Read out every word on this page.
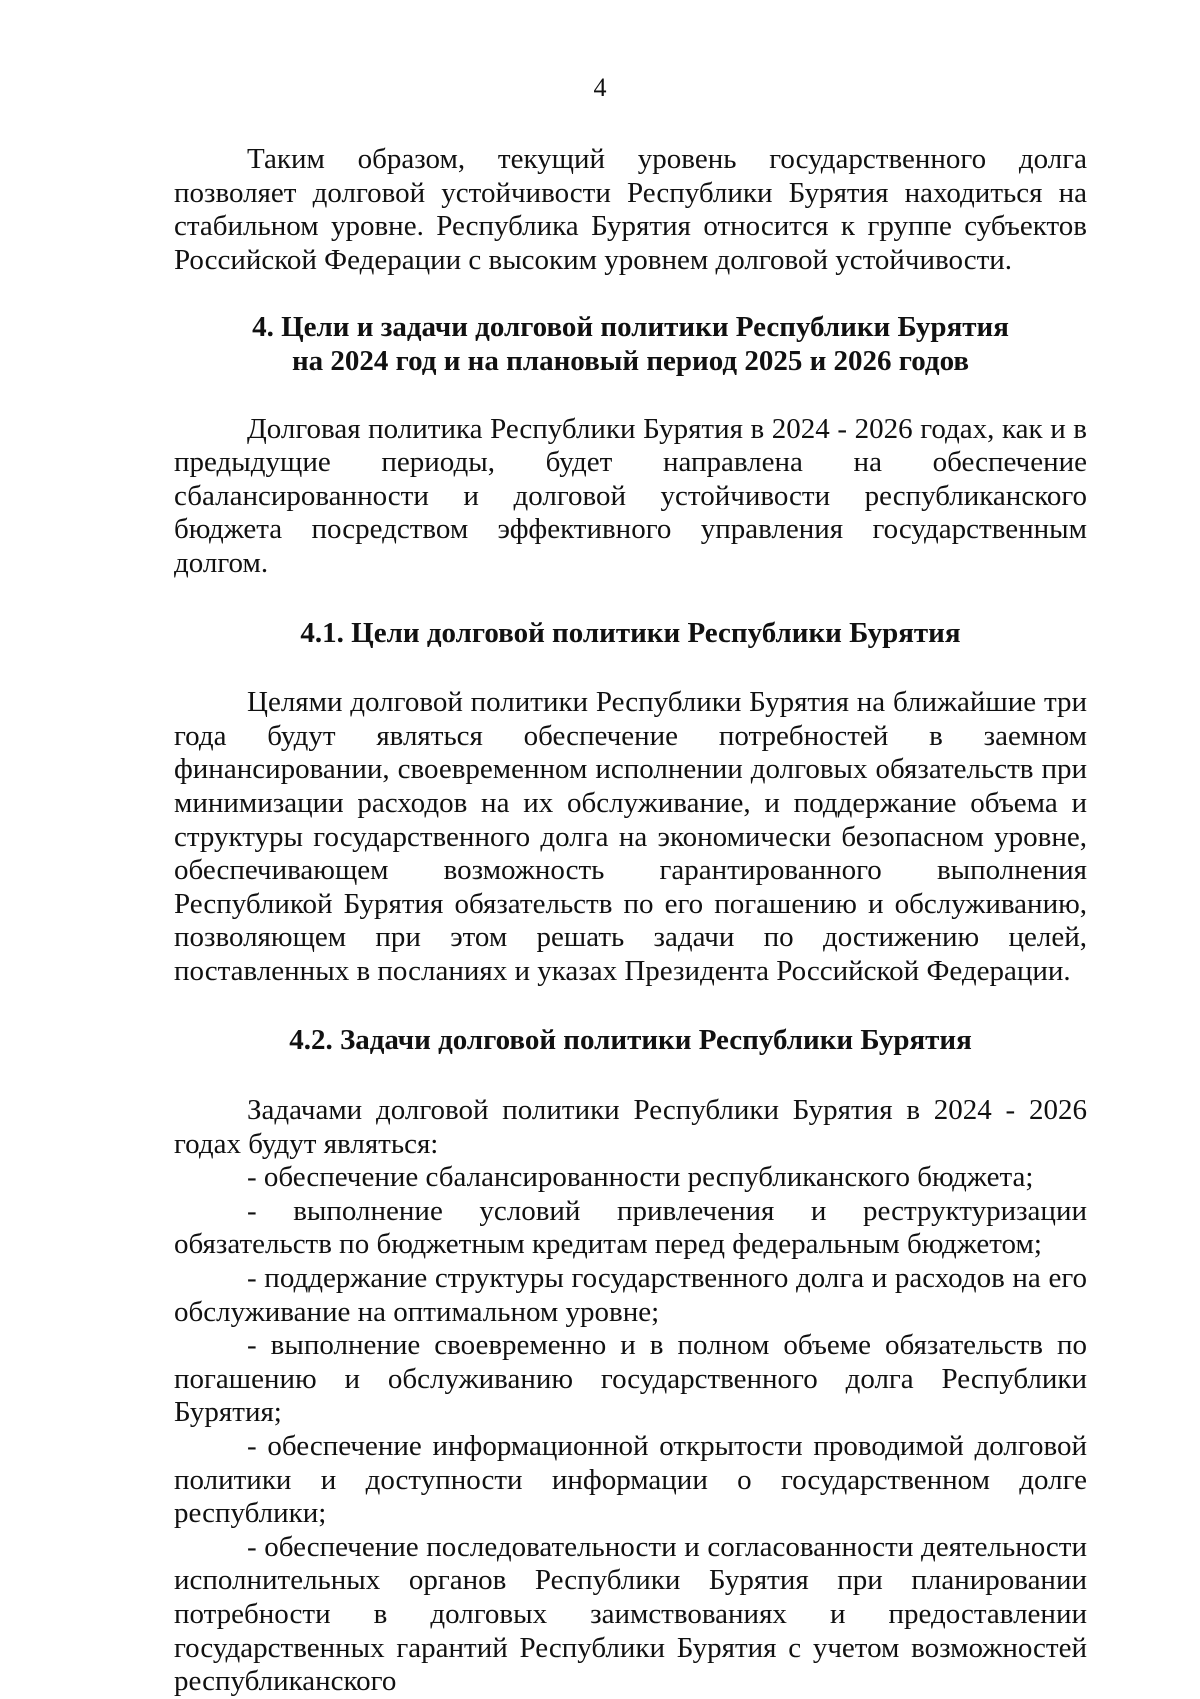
4

Таким образом, текущий уровень государственного долга позволяет долговой устойчивости Республики Бурятия находиться на стабильном уровне. Республика Бурятия относится к группе субъектов Российской Федерации с высоким уровнем долговой устойчивости.

4. Цели и задачи долговой политики Республики Бурятия
на 2024 год и на плановый период 2025 и 2026 годов

Долговая политика Республики Бурятия в 2024 - 2026 годах, как и в предыдущие периоды, будет направлена на обеспечение сбалансированности и долговой устойчивости республиканского бюджета посредством эффективного управления государственным долгом.

4.1. Цели долговой политики Республики Бурятия

Целями долговой политики Республики Бурятия на ближайшие три года будут являться обеспечение потребностей в заемном финансировании, своевременном исполнении долговых обязательств при минимизации расходов на их обслуживание, и поддержание объема и структуры государственного долга на экономически безопасном уровне, обеспечивающем возможность гарантированного выполнения Республикой Бурятия обязательств по его погашению и обслуживанию, позволяющем при этом решать задачи по достижению целей, поставленных в посланиях и указах Президента Российской Федерации.

4.2. Задачи долговой политики Республики Бурятия

Задачами долговой политики Республики Бурятия в 2024 - 2026 годах будут являться:

- обеспечение сбалансированности республиканского бюджета;

- выполнение условий привлечения и реструктуризации обязательств по бюджетным кредитам перед федеральным бюджетом;

- поддержание структуры государственного долга и расходов на его обслуживание на оптимальном уровне;

- выполнение своевременно и в полном объеме обязательств по погашению и обслуживанию государственного долга Республики Бурятия;

- обеспечение информационной открытости проводимой долговой политики и доступности информации о государственном долге республики;

- обеспечение последовательности и согласованности деятельности исполнительных органов Республики Бурятия при планировании потребности в долговых заимствованиях и предоставлении государственных гарантий Республики Бурятия с учетом возможностей республиканского
